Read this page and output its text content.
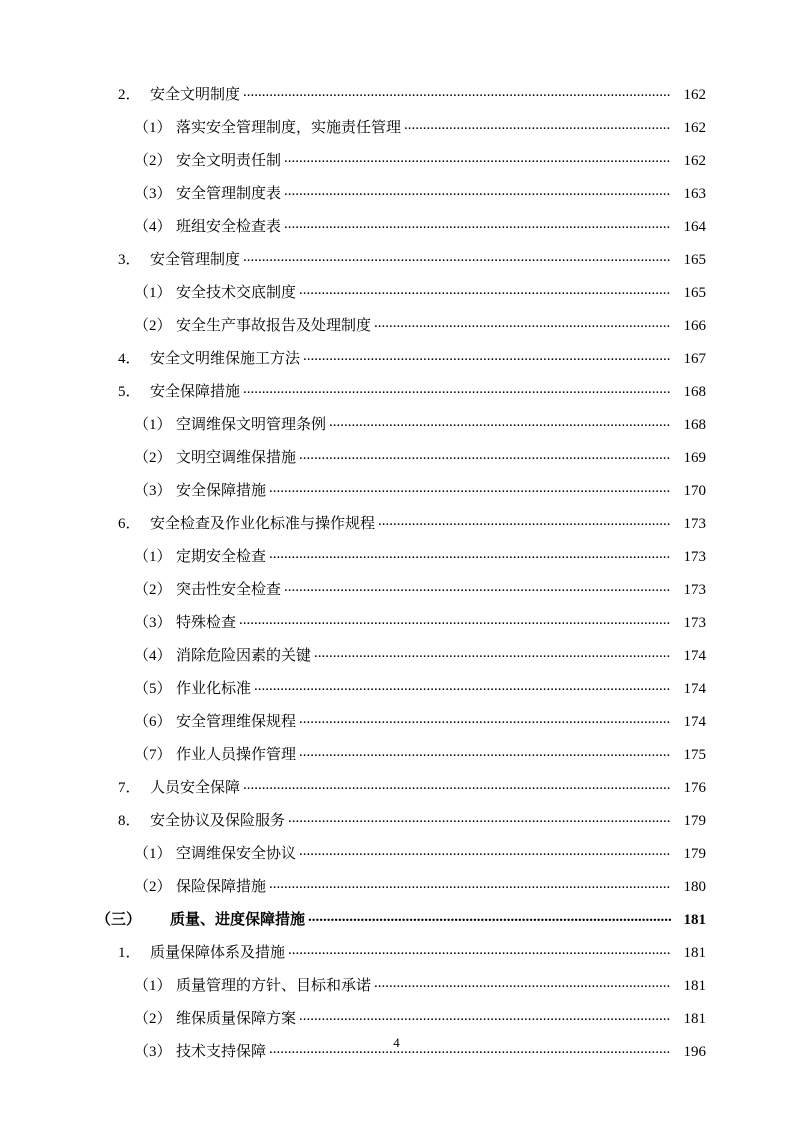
2． 安全文明制度 .....	162
（1） 落实安全管理制度，实施责任管理 .....	162
（2） 安全文明责任制 .....	162
（3） 安全管理制度表 .....	163
（4） 班组安全检查表 .....	164
3． 安全管理制度 .....	165
（1） 安全技术交底制度 .....	165
（2） 安全生产事故报告及处理制度 .....	166
4． 安全文明维保施工方法 .....	167
5． 安全保障措施 .....	168
（1） 空调维保文明管理条例 .....	168
（2） 文明空调维保措施 .....	169
（3） 安全保障措施 .....	170
6． 安全检查及作业化标准与操作规程 .....	173
（1） 定期安全检查 .....	173
（2） 突击性安全检查 .....	173
（3） 特殊检查 .....	173
（4） 消除危险因素的关键 .....	174
（5） 作业化标准 .....	174
（6） 安全管理维保规程 .....	174
（7） 作业人员操作管理 .....	175
7． 人员安全保障 .....	176
8． 安全协议及保险服务 .....	179
（1） 空调维保安全协议 .....	179
（2） 保险保障措施 .....	180
（三）	质量、进度保障措施 .....	181
1． 质量保障体系及措施 .....	181
（1） 质量管理的方针、目标和承诺 .....	181
（2） 维保质量保障方案 .....	181
（3） 技术支持保障 .....	196
4
